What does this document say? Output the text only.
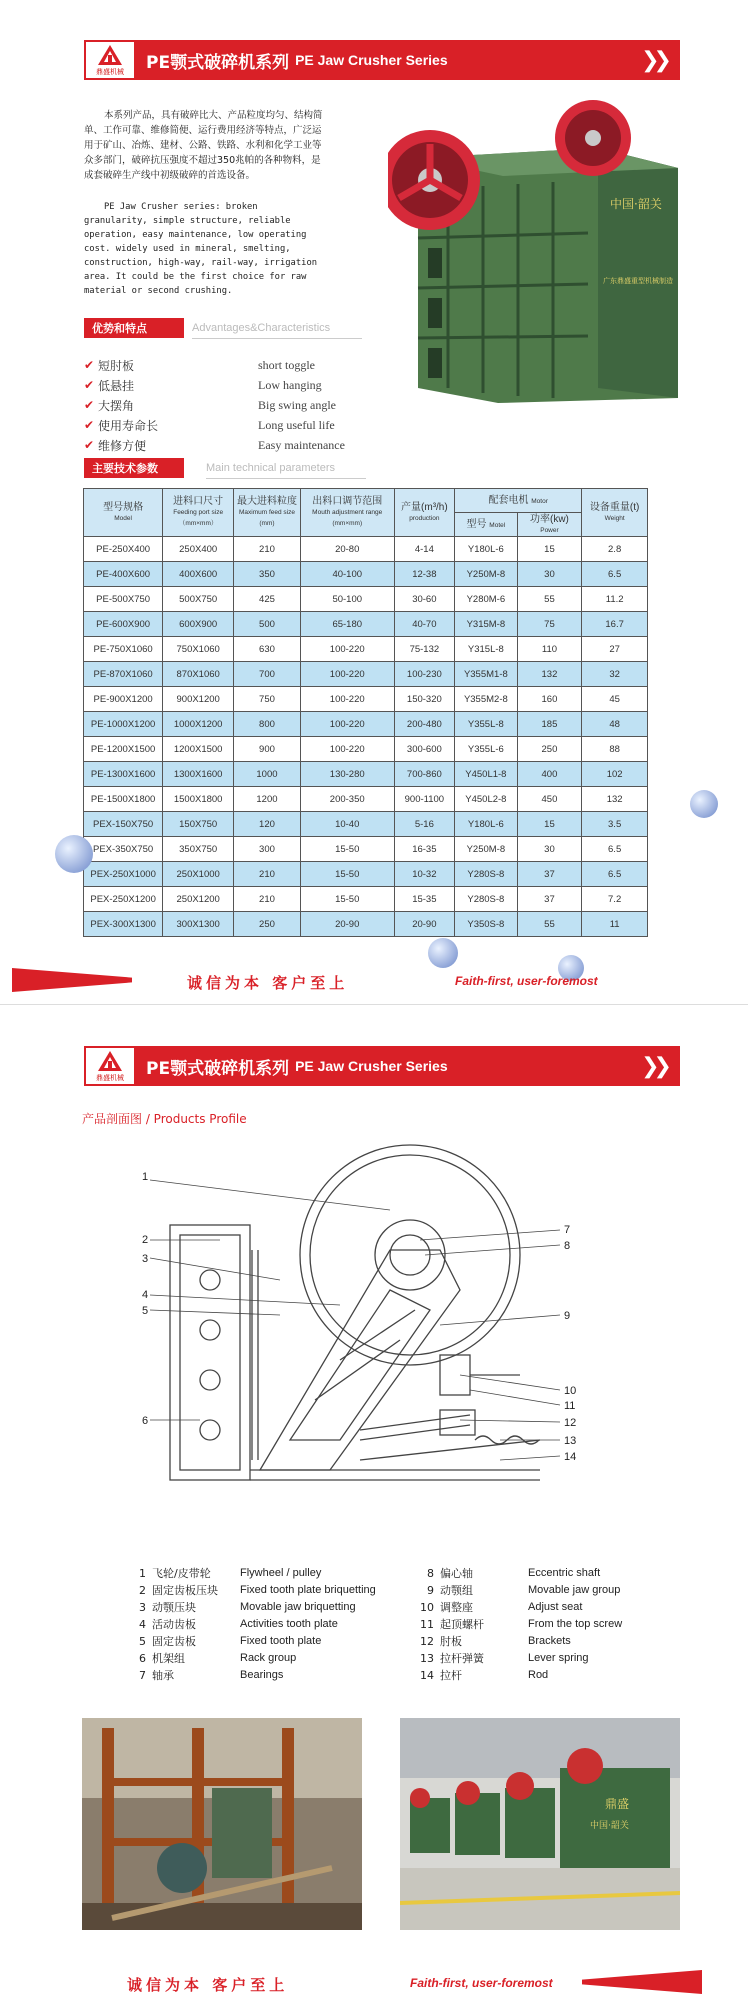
鼎盛机械 PE颚式破碎机系列 PE Jaw Crusher Series	❯❯

本系列产品，具有破碎比大、产品粒度均匀、结构简单、工作可靠、维修简便、运行费用经济等特点，广泛运用于矿山、冶炼、建材、公路、铁路、水利和化学工业等众多部门，破碎抗压强度不超过350兆帕的各种物料，是成套破碎生产线中初级破碎的首选设备。

PE Jaw Crusher series: broken granularity, simple structure, reliable operation, easy maintenance, low operating cost. widely used in mineral, smelting, construction, high-way, rail-way, irrigation area. It could be the first choice for raw material or second crushing.

中国·韶关
广东鼎盛重型机械制造
优势和特点	Advantages&Characteristics
✔ 短肘板	short toggle
✔ 低悬挂	Low hanging
✔ 大摆角	Big swing angle
✔ 使用寿命长	Long useful life
✔ 维修方便	Easy maintenance
主要技术参数	Main technical parameters
型号规格
Model	进料口尺寸
Feeding port size
（mm×mm）	最大进料粒度
Maximum feed size
(mm)	出料口调节范围
Mouth adjustment range
(mm×mm)	产量(m³/h)
production	配套电机 Motor		设备重量(t)
Weight

					型号 Motel	功率(kw)
Power	

PE-250X400	250X400	210	20-80	4-14	Y180L-6	15	2.8
PE-400X600	400X600	350	40-100	12-38	Y250M-8	30	6.5
PE-500X750	500X750	425	50-100	30-60	Y280M-6	55	11.2
PE-600X900	600X900	500	65-180	40-70	Y315M-8	75	16.7
PE-750X1060	750X1060	630	100-220	75-132	Y315L-8	110	27
PE-870X1060	870X1060	700	100-220	100-230	Y355M1-8	132	32
PE-900X1200	900X1200	750	100-220	150-320	Y355M2-8	160	45
PE-1000X1200	1000X1200	800	100-220	200-480	Y355L-8	185	48
PE-1200X1500	1200X1500	900	100-220	300-600	Y355L-6	250	88
PE-1300X1600	1300X1600	1000	130-280	700-860	Y450L1-8	400	102
PE-1500X1800	1500X1800	1200	200-350	900-1100	Y450L2-8	450	132
PEX-150X750	150X750	120	10-40	5-16	Y180L-6	15	3.5
PEX-350X750	350X750	300	15-50	16-35	Y250M-8	30	6.5
PEX-250X1000	250X1000	210	15-50	10-32	Y280S-8	37	6.5
PEX-250X1200	250X1200	210	15-50	15-35	Y280S-8	37	7.2
PEX-300X1300	300X1300	250	20-90	20-90	Y350S-8	55	11
诚信为本 客户至上	Faith-first, user-foremost
鼎盛机械 PE颚式破碎机系列 PE Jaw Crusher Series	❯❯
产品剖面图 / Products Profile
1
2
3
4
5
6
7
8
9
10
11
12
13
14
1 飞轮/皮带轮	Flywheel / pulley
2 固定齿板压块	Fixed tooth plate briquetting
3 动颚压块	Movable jaw briquetting
4 活动齿板	Activities tooth plate
5 固定齿板	Fixed tooth plate
6 机架组	Rack group
7 轴承	Bearings
8 偏心轴	Eccentric shaft
9 动颚组	Movable jaw group
10 调整座	Adjust seat
11 起顶螺杆	From the top screw
12 肘板	Brackets
13 拉杆弹簧	Lever spring
14 拉杆	Rod
鼎盛
中国·韶关
诚信为本 客户至上	Faith-first, user-foremost
